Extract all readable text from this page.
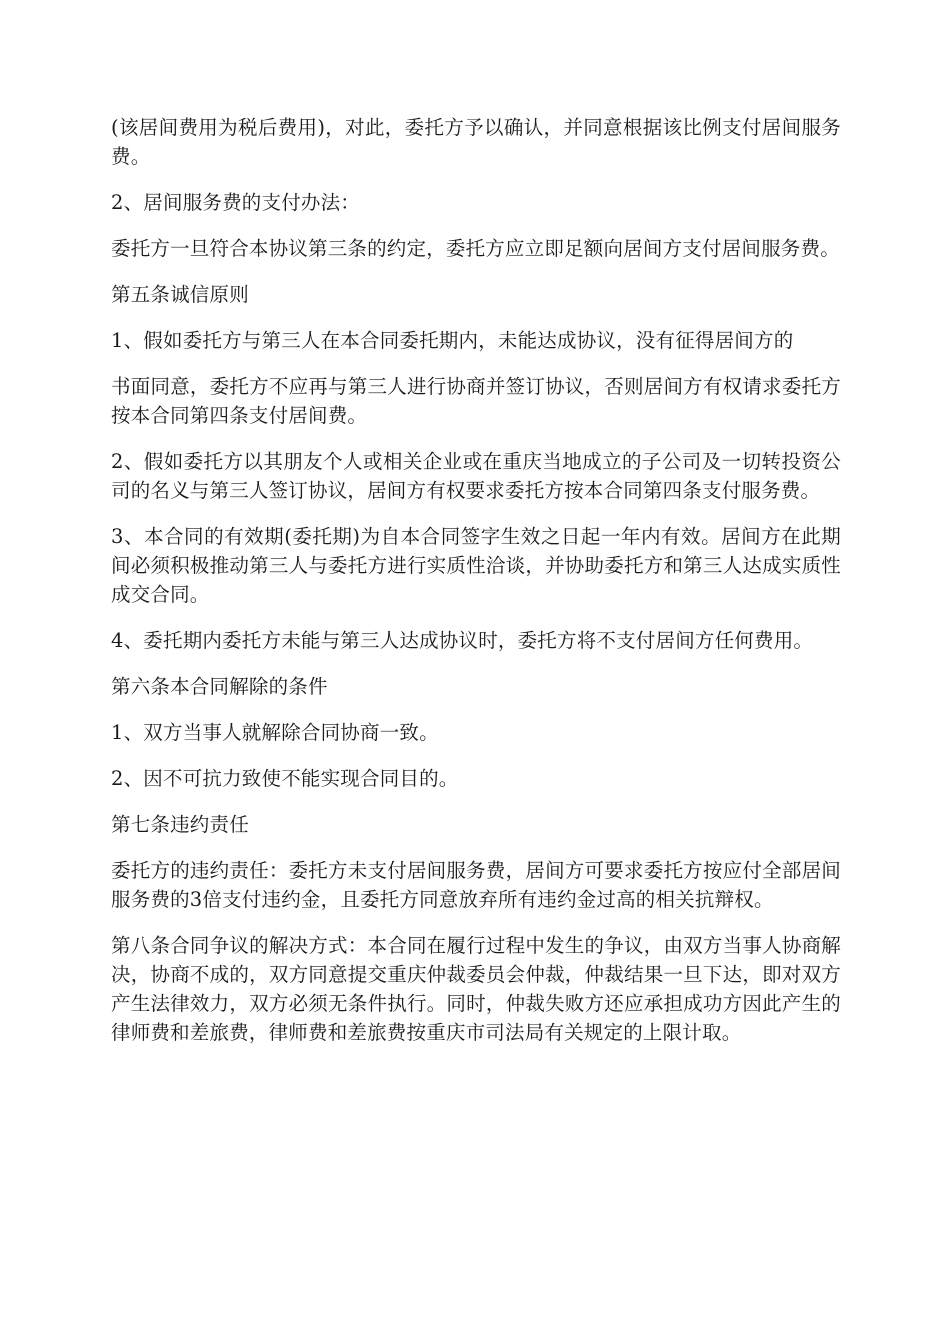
(该居间费用为税后费用)，对此，委托方予以确认，并同意根据该比例支付居间服务费。

2、居间服务费的支付办法：

委托方一旦符合本协议第三条的约定，委托方应立即足额向居间方支付居间服务费。

第五条诚信原则

1、假如委托方与第三人在本合同委托期内，未能达成协议，没有征得居间方的

书面同意，委托方不应再与第三人进行协商并签订协议，否则居间方有权请求委托方按本合同第四条支付居间费。

2、假如委托方以其朋友个人或相关企业或在重庆当地成立的子公司及一切转投资公司的名义与第三人签订协议，居间方有权要求委托方按本合同第四条支付服务费。

3、本合同的有效期(委托期)为自本合同签字生效之日起一年内有效。居间方在此期间必须积极推动第三人与委托方进行实质性洽谈，并协助委托方和第三人达成实质性成交合同。

4、委托期内委托方未能与第三人达成协议时，委托方将不支付居间方任何费用。

第六条本合同解除的条件

1、双方当事人就解除合同协商一致。

2、因不可抗力致使不能实现合同目的。

第七条违约责任

委托方的违约责任：委托方未支付居间服务费，居间方可要求委托方按应付全部居间服务费的3倍支付违约金，且委托方同意放弃所有违约金过高的相关抗辩权。

第八条合同争议的解决方式：本合同在履行过程中发生的争议，由双方当事人协商解决，协商不成的，双方同意提交重庆仲裁委员会仲裁，仲裁结果一旦下达，即对双方产生法律效力，双方必须无条件执行。同时，仲裁失败方还应承担成功方因此产生的律师费和差旅费，律师费和差旅费按重庆市司法局有关规定的上限计取。
